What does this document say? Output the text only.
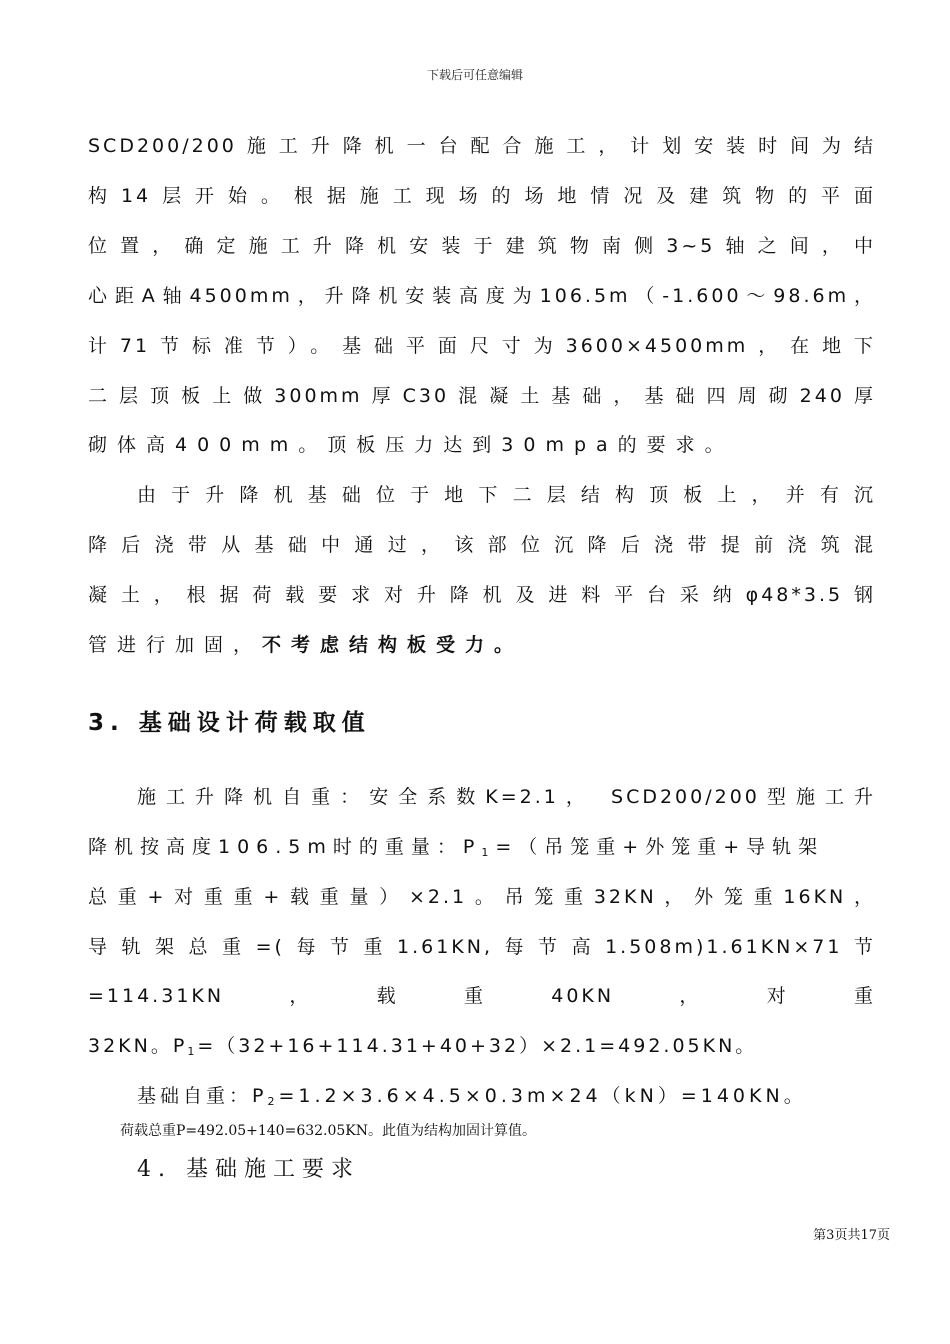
下载后可任意编辑
SCD200/200施工升降机一台配合施工，计划安装时间为结
构14层开始。根据施工现场的场地情况及建筑物的平面
位置，确定施工升降机安装于建筑物南侧3~5轴之间，中
心距A轴4500mm，升降机安装高度为106.5m（-1.600～98.6m，
计71节标准节）。基础平面尺寸为3600×4500mm，在地下
二层顶板上做300mm厚C30混凝土基础，基础四周砌240厚
砌体高400mm。顶板压力达到30mpa的要求。
由于升降机基础位于地下二层结构顶板上，并有沉
降后浇带从基础中通过，该部位沉降后浇带提前浇筑混
凝土，根据荷载要求对升降机及进料平台采纳φ48*3.5钢
管进行加固，不考虑结构板受力。
3. 基础设计荷载取值
施工升降机自重：安全系数K=2.1， SCD200/200型施工升
降机按高度106.5m时的重量：$P_1=$（吊笼重+外笼重+导轨架
总重+对重重+载重量）×2.1。吊笼重32KN，外笼重16KN，
导轨架总重=(每节重1.61KN,每节高1.508m)1.61KN×71节
=114.31KN，载重40KN，对重
32KN。$P_1=(32+16+114.31+40+32)\times 2.1=492.05KN$。
基础自重：$P_2=1.2\times 3.6\times 4.5\times 0.3m\times 24(kN)=140KN$。
荷载总重P=492.05+140=632.05KN。此值为结构加固计算值。
4. 基础施工要求
第3页共17页
